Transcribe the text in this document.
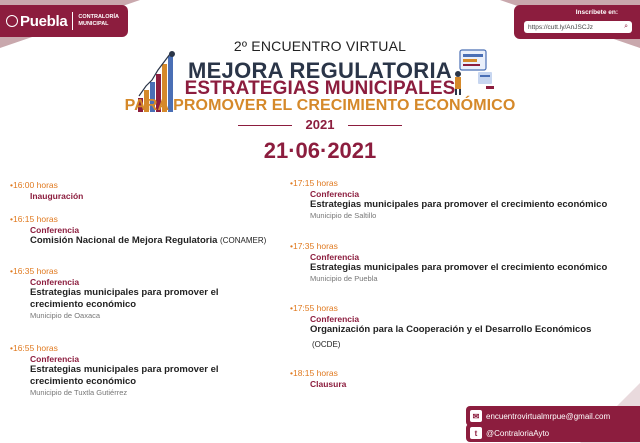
Puebla CONTRALORÍA
MUNICIPAL
Inscríbete en:
https://cutt.ly/AnJSCJz	⌕
2º ENCUENTRO VIRTUAL
MEJORA REGULATORIA
ESTRATEGIAS MUNICIPALES
PARA PROMOVER EL CRECIMIENTO ECONÓMICO
2021
21·06·2021
•16:00 horas
Inauguración
•16:15 horas
Conferencia
Comisión Nacional de Mejora Regulatoria (CONAMER)
•16:35 horas
Conferencia
Estrategias municipales para promover el crecimiento económico
Municipio de Oaxaca
•16:55 horas
Conferencia
Estrategias municipales para promover el crecimiento económico
Municipio de Tuxtla Gutiérrez
•17:15 horas
Conferencia
Estrategias municipales para promover el crecimiento económico
Municipio de Saltillo
•17:35 horas
Conferencia
Estrategias municipales para promover el crecimiento económico
Municipio de Puebla
•17:55 horas
Conferencia
Organización para la Cooperación y el Desarrollo Económicos
(OCDE)
•18:15 horas
Clausura
✉ encuentrovirtualmrpue@gmail.com
t	@ContraloriaAyto
